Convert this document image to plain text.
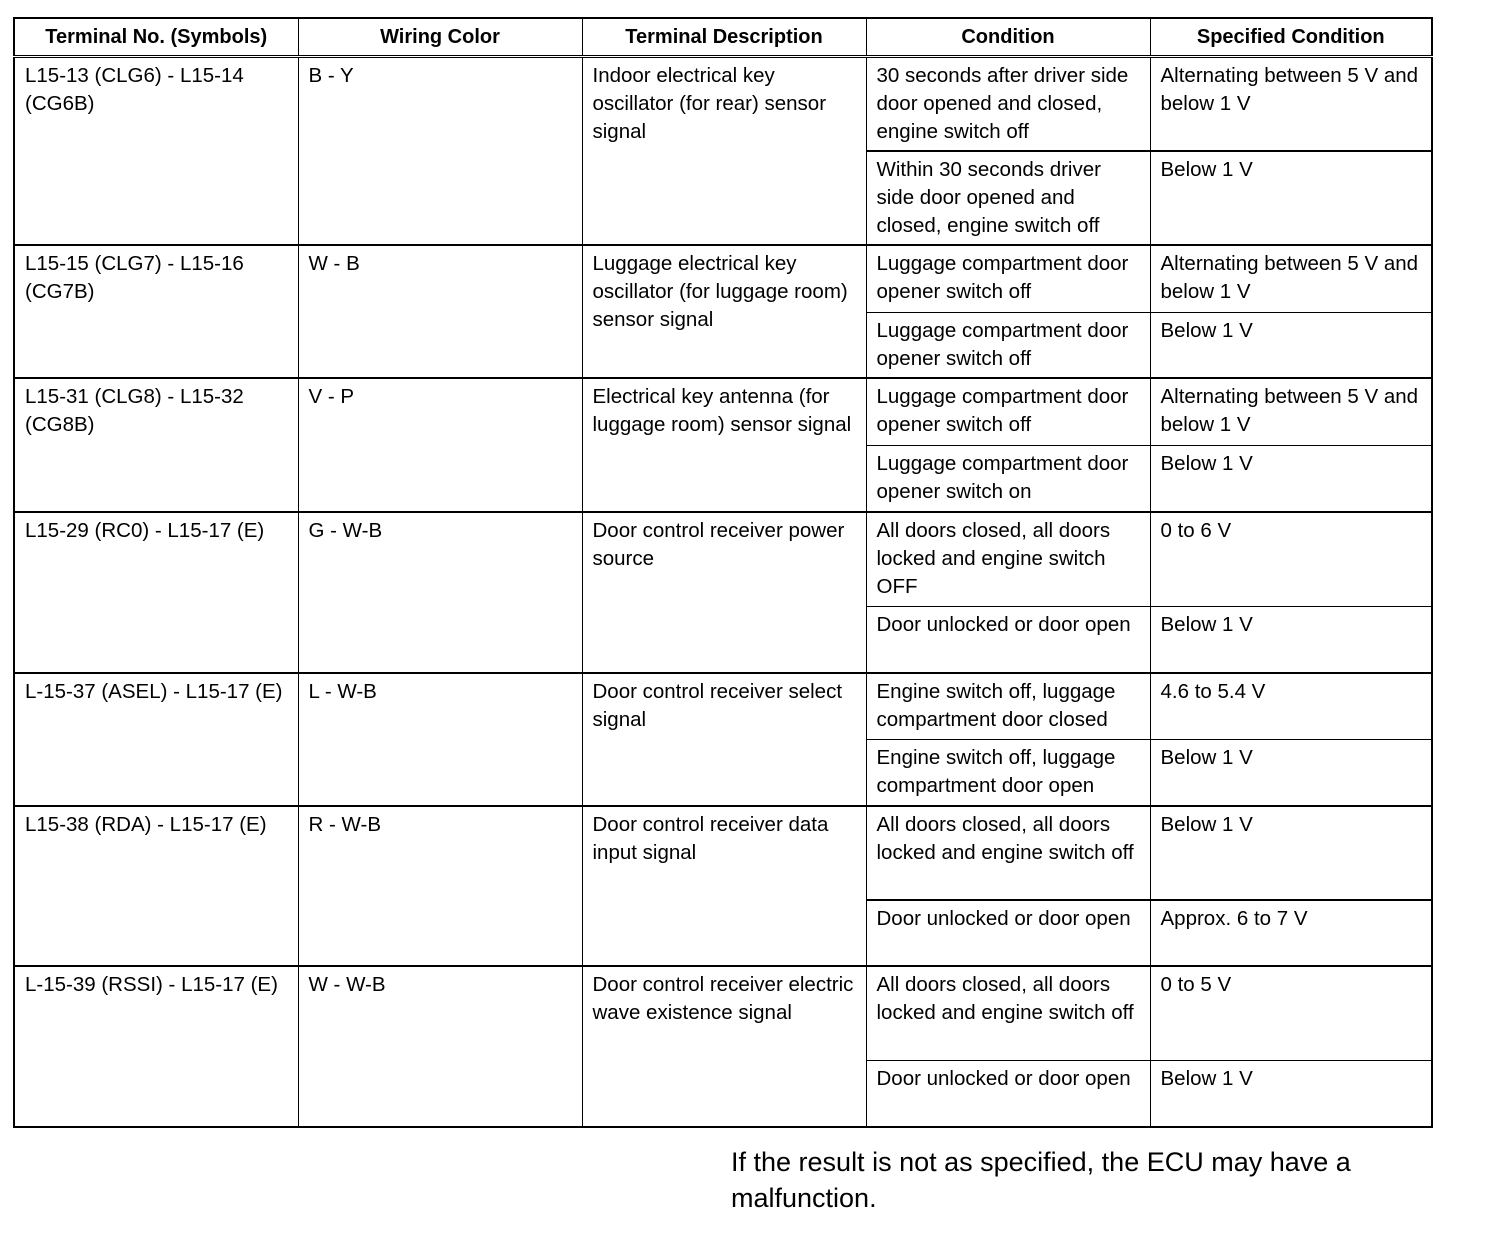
Terminal No. (Symbols)	Wiring Color	Terminal Description	Condition	Specified Condition
L15-13 (CLG6) - L15-14 (CG6B)	B - Y	Indoor electrical key oscillator (for rear) sensor signal	30 seconds after driver side door opened and closed, engine switch off	Alternating between 5 V and below 1 V
			Within 30 seconds driver side door opened and closed, engine switch off	Below 1 V
L15-15 (CLG7) - L15-16 (CG7B)	W - B	Luggage electrical key oscillator (for luggage room) sensor signal	Luggage compartment door opener switch off	Alternating between 5 V and below 1 V
			Luggage compartment door opener switch off	Below 1 V
L15-31 (CLG8) - L15-32 (CG8B)	V - P	Electrical key antenna (for luggage room) sensor signal	Luggage compartment door opener switch off	Alternating between 5 V and below 1 V
			Luggage compartment door opener switch on	Below 1 V
L15-29 (RC0) - L15-17 (E)	G - W-B	Door control receiver power source	All doors closed, all doors locked and engine switch OFF	0 to 6 V
			Door unlocked or door open	Below 1 V
L-15-37 (ASEL) - L15-17 (E)	L - W-B	Door control receiver select signal	Engine switch off, luggage compartment door closed	4.6 to 5.4 V
			Engine switch off, luggage compartment door open	Below 1 V
L15-38 (RDA) - L15-17 (E)	R - W-B	Door control receiver data input signal	All doors closed, all doors locked and engine switch off	Below 1 V
			Door unlocked or door open	Approx. 6 to 7 V
L-15-39 (RSSI) - L15-17 (E)	W - W-B	Door control receiver electric wave existence signal	All doors closed, all doors locked and engine switch off	0 to 5 V
			Door unlocked or door open	Below 1 V
If the result is not as specified, the ECU may have a malfunction.
